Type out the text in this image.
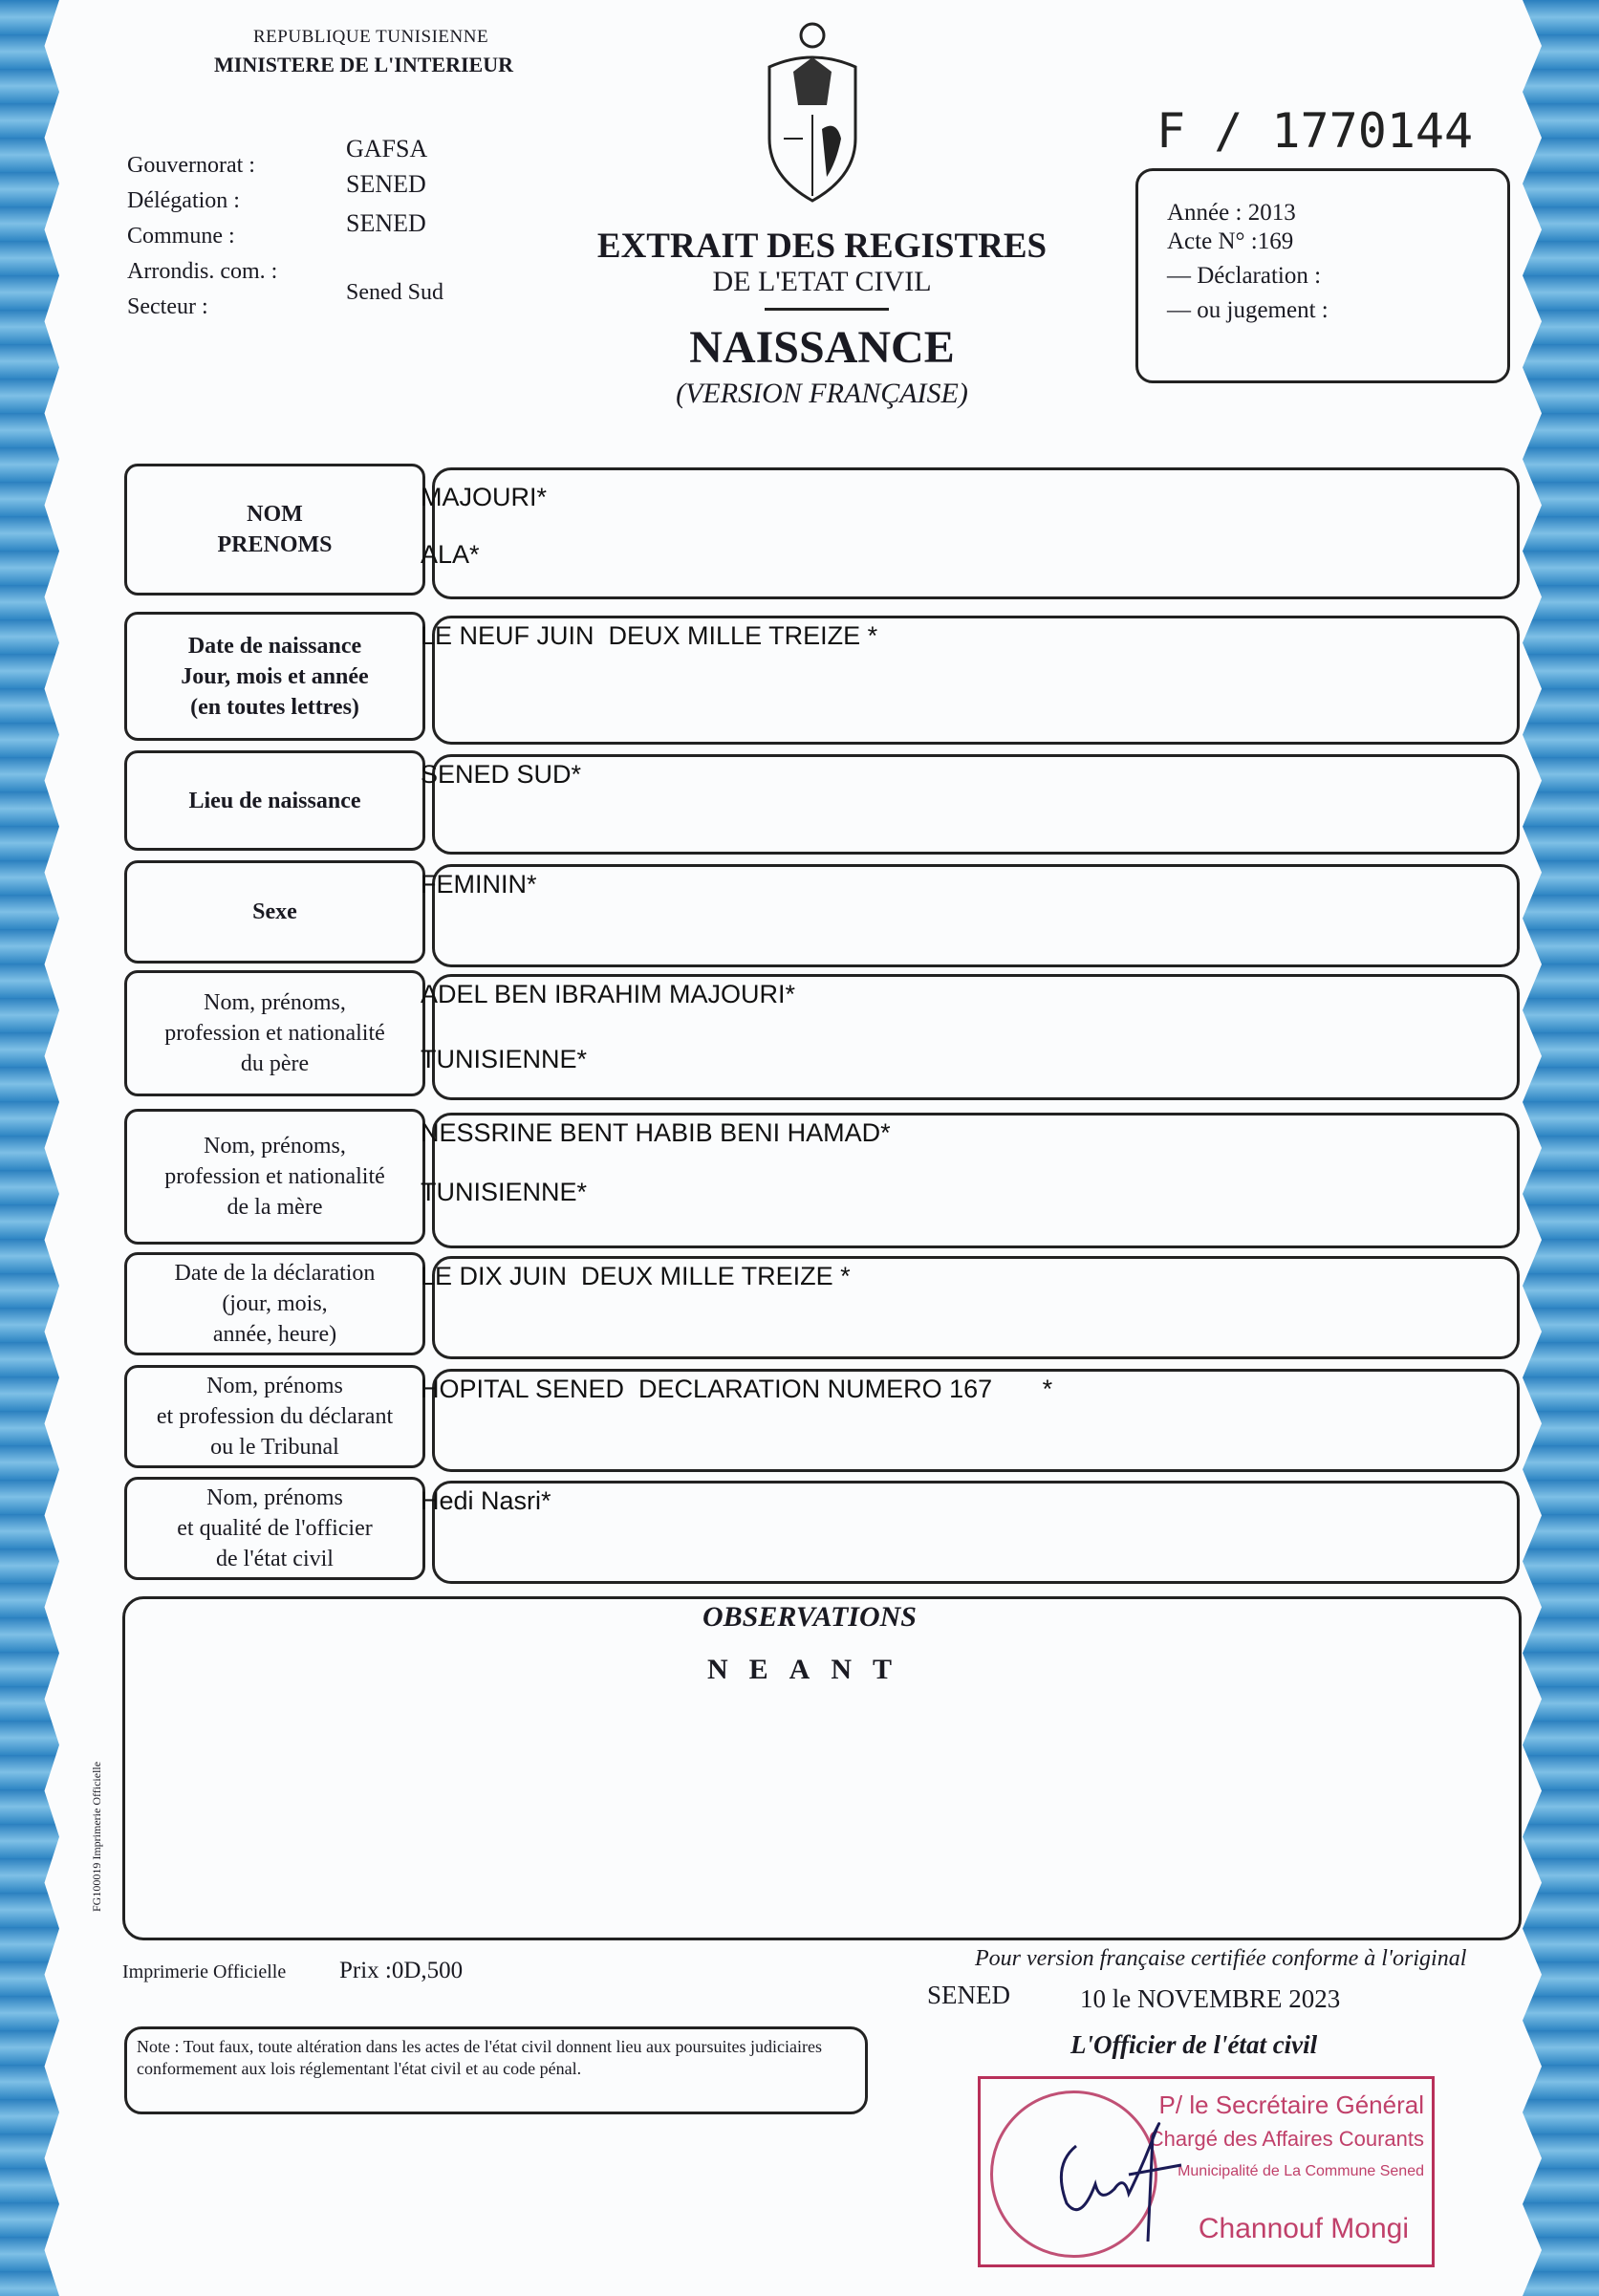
REPUBLIQUE TUNISIENNE
MINISTERE DE L'INTERIEUR
Gouvernorat :
Délégation :
Commune :
Arrondis. com. :
Secteur :
GAFSA
SENED
SENED
Sened Sud
EXTRAIT DES REGISTRES
DE L'ETAT CIVIL
NAISSANCE
(VERSION FRANÇAISE)
F / 1770144
Année : 2013
Acte N° :169
— Déclaration :
— ou jugement :
NOM
PRENOMS
MAJOURI*
ALA*
Date de naissance
Jour, mois et année
(en toutes lettres)
LE NEUF JUIN  DEUX MILLE TREIZE *
Lieu de naissance
SENED SUD*
Sexe
FEMININ*
Nom, prénoms,
profession et nationalité
du père
ADEL BEN IBRAHIM MAJOURI*
TUNISIENNE*
Nom, prénoms,
profession et nationalité
de la mère
NESSRINE BENT HABIB BENI HAMAD*
TUNISIENNE*
Date de la déclaration
(jour, mois,
année, heure)
LE DIX JUIN  DEUX MILLE TREIZE *
Nom, prénoms
et profession du déclarant
ou le Tribunal
HOPITAL SENED  DECLARATION NUMERO 167       *
Nom, prénoms
et qualité de l'officier
de l'état civil
Hedi Nasri*
OBSERVATIONS
NEANT
FG100019 Imprimerie Officielle
Imprimerie Officielle Prix :0D,500	Pour version française certifiée conforme à l'original
SENED	10 le NOVEMBRE 2023
L'Officier de l'état civil
Note : Tout faux, toute altération dans les actes de l'état civil donnent lieu aux poursuites judiciaires conformement aux lois réglementant l'état civil et au code pénal.
P/ le Secrétaire Général
Chargé des Affaires Courants
Municipalité de La Commune Sened
Channouf Mongi
